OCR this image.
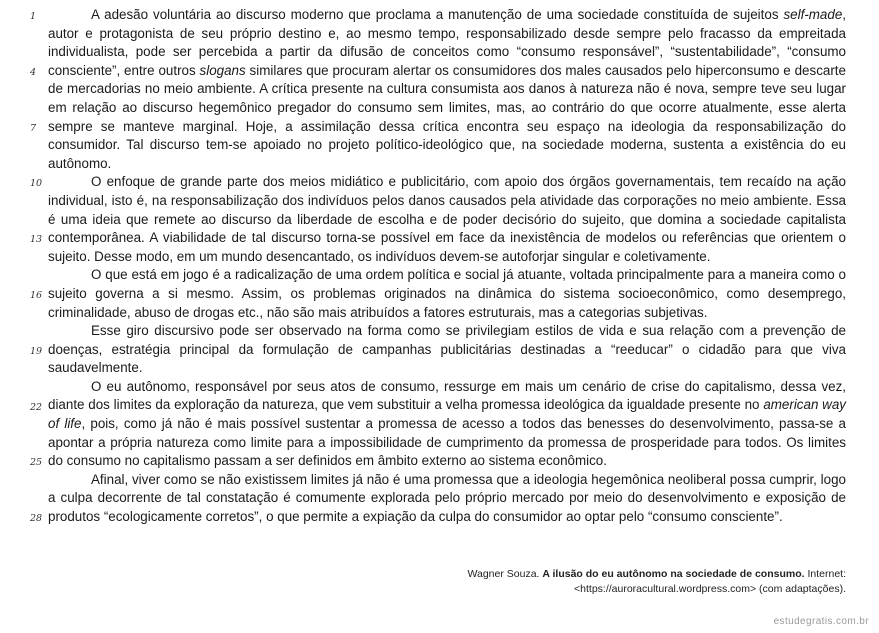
A adesão voluntária ao discurso moderno que proclama a manutenção de uma sociedade constituída de sujeitos self-made, autor e protagonista de seu próprio destino e, ao mesmo tempo, responsabilizado desde sempre pelo fracasso da empreitada individualista, pode ser percebida a partir da difusão de conceitos como “consumo responsável”, “sustentabilidade”, “consumo consciente”, entre outros slogans similares que procuram alertar os consumidores dos males causados pelo hiperconsumo e descarte de mercadorias no meio ambiente. A crítica presente na cultura consumista aos danos à natureza não é nova, sempre teve seu lugar em relação ao discurso hegemônico pregador do consumo sem limites, mas, ao contrário do que ocorre atualmente, esse alerta sempre se manteve marginal. Hoje, a assimilação dessa crítica encontra seu espaço na ideologia da responsabilização do consumidor. Tal discurso tem-se apoiado no projeto político-ideológico que, na sociedade moderna, sustenta a existência do eu autônomo.

O enfoque de grande parte dos meios midiático e publicitário, com apoio dos órgãos governamentais, tem recaído na ação individual, isto é, na responsabilização dos indivíduos pelos danos causados pela atividade das corporações no meio ambiente. Essa é uma ideia que remete ao discurso da liberdade de escolha e de poder decisório do sujeito, que domina a sociedade capitalista contemporânea. A viabilidade de tal discurso torna-se possível em face da inexistência de modelos ou referências que orientem o sujeito. Desse modo, em um mundo desencantado, os indivíduos devem-se autoforjar singular e coletivamente.

O que está em jogo é a radicalização de uma ordem política e social já atuante, voltada principalmente para a maneira como o sujeito governa a si mesmo. Assim, os problemas originados na dinâmica do sistema socioeconômico, como desemprego, criminalidade, abuso de drogas etc., não são mais atribuídos a fatores estruturais, mas a categorias subjetivas.

Esse giro discursivo pode ser observado na forma como se privilegiam estilos de vida e sua relação com a prevenção de doenças, estratégia principal da formulação de campanhas publicitárias destinadas a “reeducar” o cidadão para que viva saudavelmente.

O eu autônomo, responsável por seus atos de consumo, ressurge em mais um cenário de crise do capitalismo, dessa vez, diante dos limites da exploração da natureza, que vem substituir a velha promessa ideológica da igualdade presente no american way of life, pois, como já não é mais possível sustentar a promessa de acesso a todos das benesses do desenvolvimento, passa-se a apontar a própria natureza como limite para a impossibilidade de cumprimento da promessa de prosperidade para todos. Os limites do consumo no capitalismo passam a ser definidos em âmbito externo ao sistema econômico.

Afinal, viver como se não existissem limites já não é uma promessa que a ideologia hegemônica neoliberal possa cumprir, logo a culpa decorrente de tal constatação é comumente explorada pelo próprio mercado por meio do desenvolvimento e exposição de produtos “ecologicamente corretos”, o que permite a expiação da culpa do consumidor ao optar pelo “consumo consciente”.

1
4
7
10
13
16
19
22
25
28
Wagner Souza. A ilusão do eu autônomo na sociedade de consumo. Internet:
<https://auroracultural.wordpress.com> (com adaptações).
estudegratis.com.br
